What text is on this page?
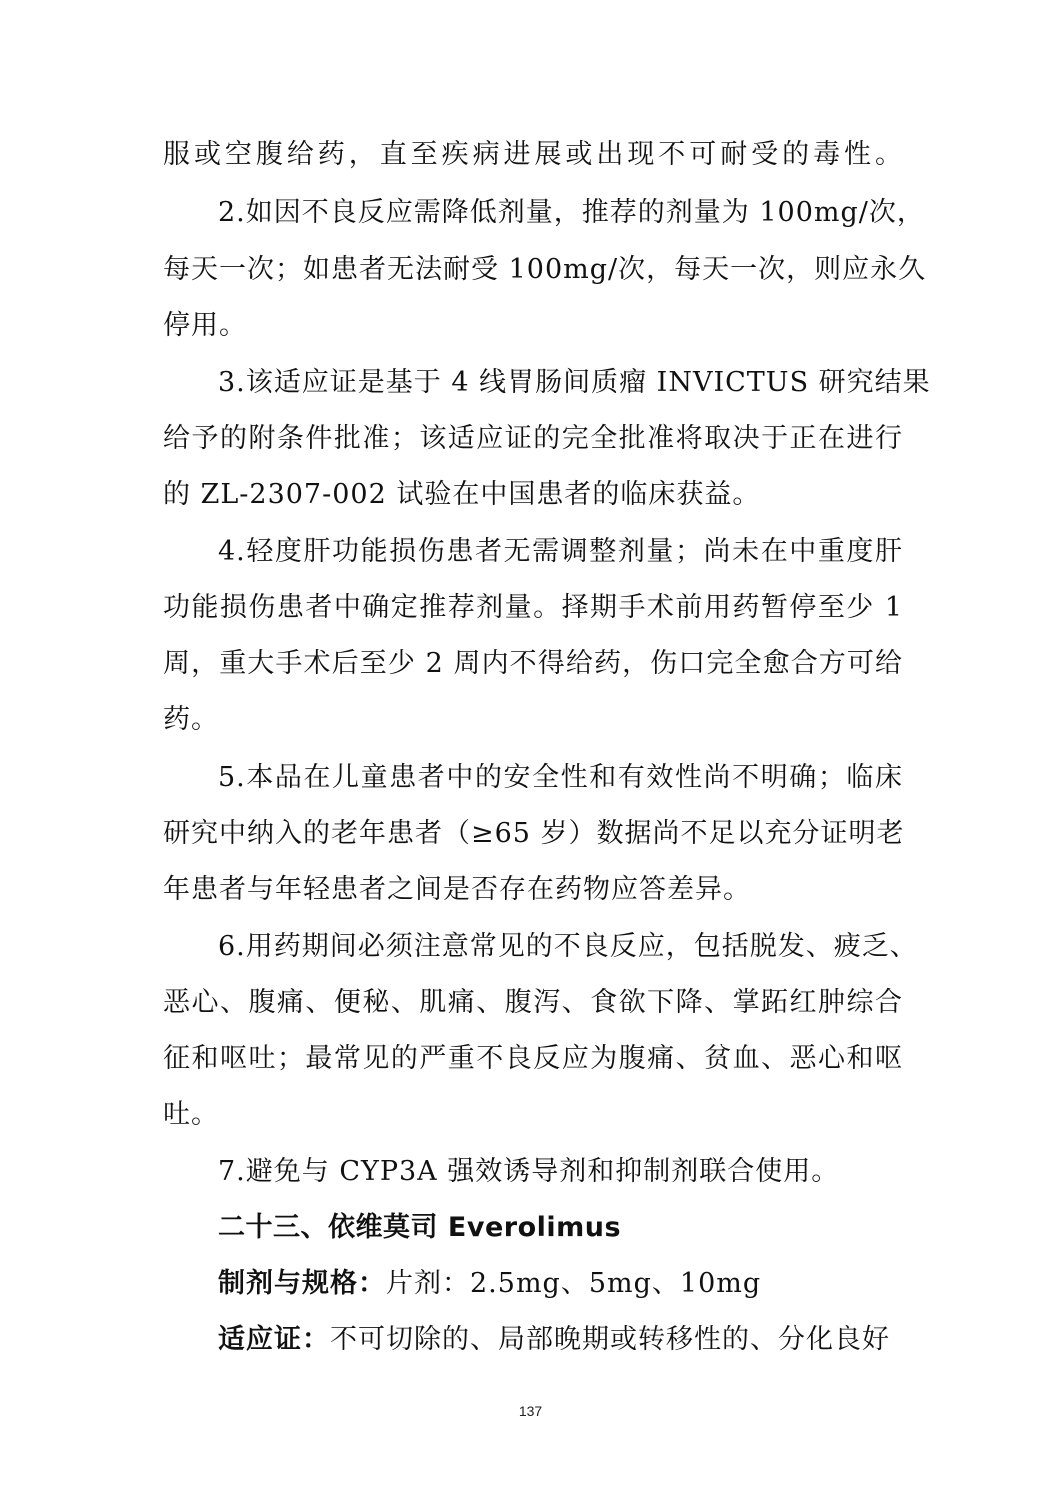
服或空腹给药，直至疾病进展或出现不可耐受的毒性。
2.如因不良反应需降低剂量，推荐的剂量为 100mg/次，
每天一次；如患者无法耐受 100mg/次，每天一次，则应永久
停用。
3.该适应证是基于 4 线胃肠间质瘤 INVICTUS 研究结果
给予的附条件批准；该适应证的完全批准将取决于正在进行
的 ZL-2307-002 试验在中国患者的临床获益。
4.轻度肝功能损伤患者无需调整剂量；尚未在中重度肝
功能损伤患者中确定推荐剂量。择期手术前用药暂停至少 1
周，重大手术后至少 2 周内不得给药，伤口完全愈合方可给
药。
5.本品在儿童患者中的安全性和有效性尚不明确；临床
研究中纳入的老年患者（≥65 岁）数据尚不足以充分证明老
年患者与年轻患者之间是否存在药物应答差异。
6.用药期间必须注意常见的不良反应，包括脱发、疲乏、
恶心、腹痛、便秘、肌痛、腹泻、食欲下降、掌跖红肿综合
征和呕吐；最常见的严重不良反应为腹痛、贫血、恶心和呕
吐。
7.避免与 CYP3A 强效诱导剂和抑制剂联合使用。
二十三、依维莫司 Everolimus
制剂与规格：片剂：2.5mg、5mg、10mg
适应证：不可切除的、局部晚期或转移性的、分化良好
137
